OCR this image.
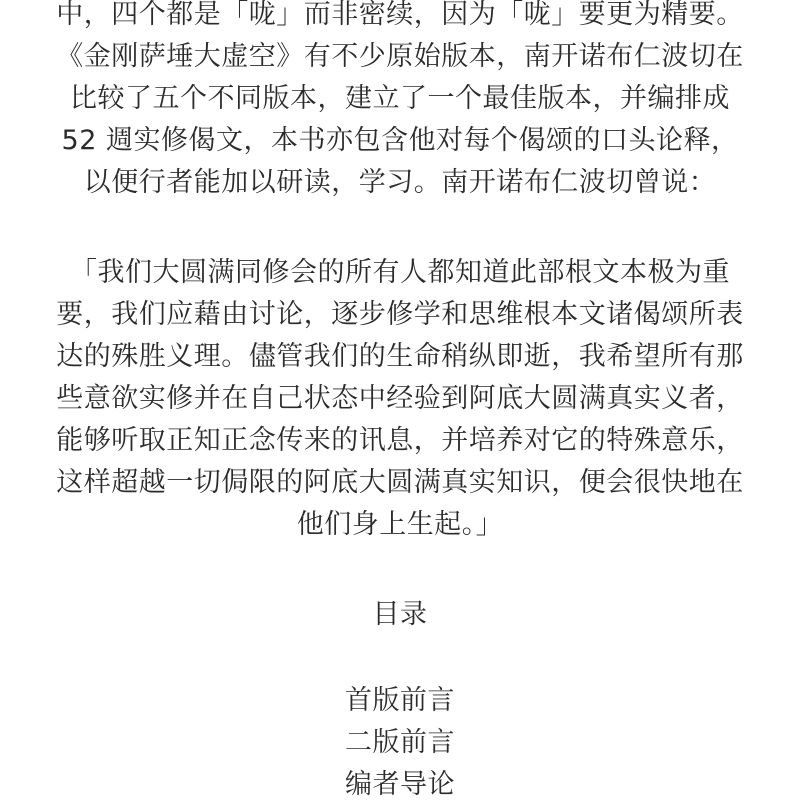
中，四个都是「咙」而非密续，因为「咙」要更为精要。
《金刚萨埵大虚空》有不少原始版本，南开诺布仁波切在
比较了五个不同版本，建立了一个最佳版本，并编排成
52 週实修偈文，本书亦包含他对每个偈颂的口头论释，
以便行者能加以研读，学习。南开诺布仁波切曾说：
「我们大圆满同修会的所有人都知道此部根文本极为重
要，我们应藉由讨论，逐步修学和思维根本文诸偈颂所表
达的殊胜义理。儘管我们的生命稍纵即逝，我希望所有那
些意欲实修并在自己状态中经验到阿底大圆满真实义者，
能够听取正知正念传来的讯息，并培养对它的特殊意乐，
这样超越一切侷限的阿底大圆满真实知识，便会很快地在
他们身上生起。」
目录
首版前言
二版前言
编者导论
